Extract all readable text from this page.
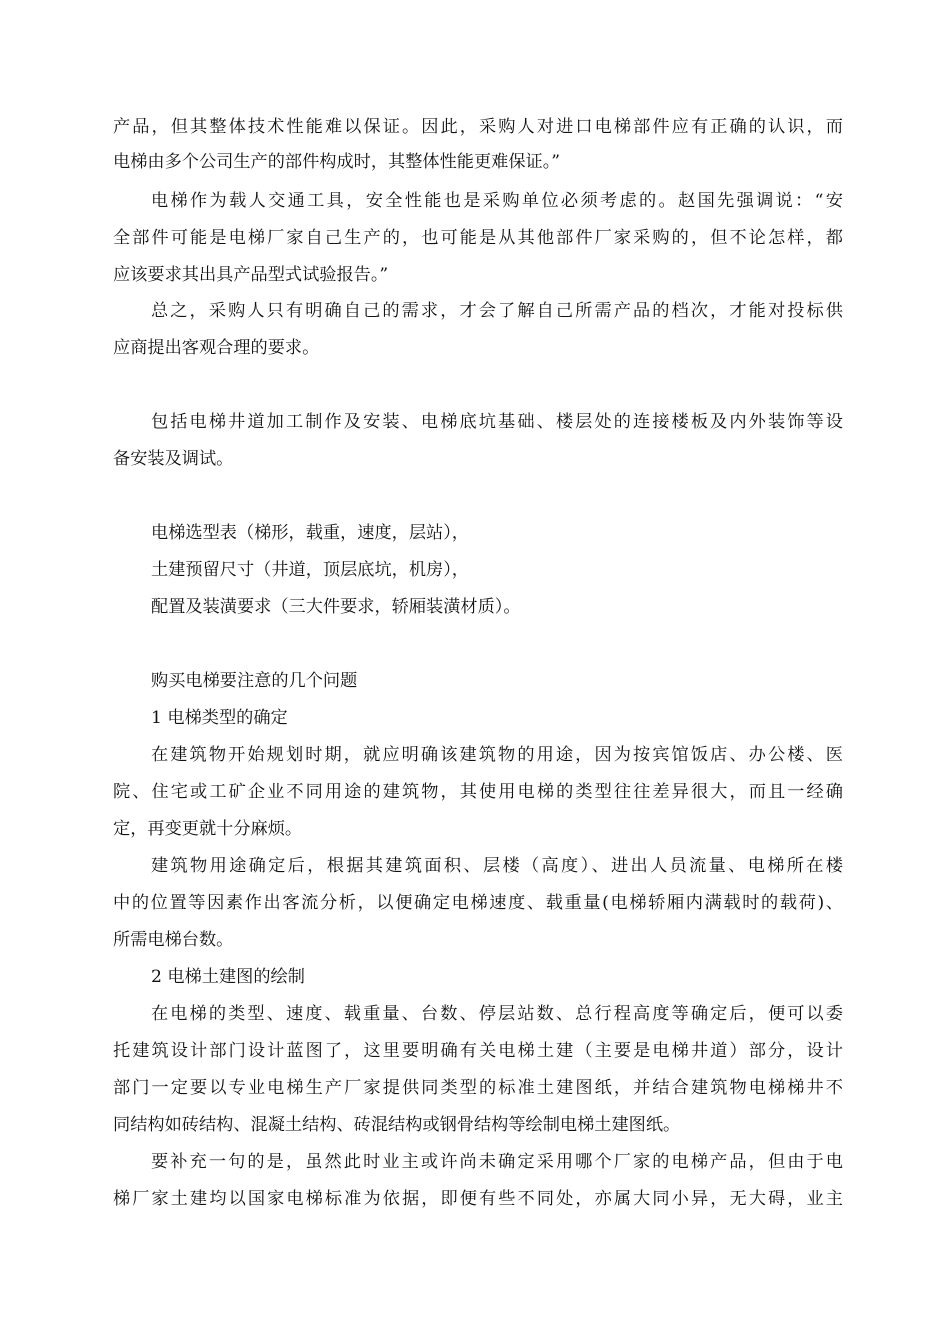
产品，但其整体技术性能难以保证。因此，采购人对进口电梯部件应有正确的认识，而
电梯由多个公司生产的部件构成时，其整体性能更难保证。”
电梯作为载人交通工具，安全性能也是采购单位必须考虑的。赵国先强调说：“安
全部件可能是电梯厂家自己生产的，也可能是从其他部件厂家采购的，但不论怎样，都
应该要求其出具产品型式试验报告。”
总之，采购人只有明确自己的需求，才会了解自己所需产品的档次，才能对投标供
应商提出客观合理的要求。
包括电梯井道加工制作及安装、电梯底坑基础、楼层处的连接楼板及内外装饰等设
备安装及调试。
电梯选型表（梯形，载重，速度，层站），
土建预留尺寸（井道，顶层底坑，机房），
配置及装潢要求（三大件要求，轿厢装潢材质）。
购买电梯要注意的几个问题
1 电梯类型的确定
在建筑物开始规划时期，就应明确该建筑物的用途，因为按宾馆饭店、办公楼、医
院、住宅或工矿企业不同用途的建筑物，其使用电梯的类型往往差异很大，而且一经确
定，再变更就十分麻烦。
建筑物用途确定后，根据其建筑面积、层楼（高度）、进出人员流量、电梯所在楼
中的位置等因素作出客流分析，以便确定电梯速度、载重量(电梯轿厢内满载时的载荷)、
所需电梯台数。
2 电梯土建图的绘制
在电梯的类型、速度、载重量、台数、停层站数、总行程高度等确定后，便可以委
托建筑设计部门设计蓝图了，这里要明确有关电梯土建（主要是电梯井道）部分，设计
部门一定要以专业电梯生产厂家提供同类型的标准土建图纸，并结合建筑物电梯梯井不
同结构如砖结构、混凝土结构、砖混结构或钢骨结构等绘制电梯土建图纸。
要补充一句的是，虽然此时业主或许尚未确定采用哪个厂家的电梯产品，但由于电
梯厂家土建均以国家电梯标准为依据，即便有些不同处，亦属大同小异，无大碍，业主
